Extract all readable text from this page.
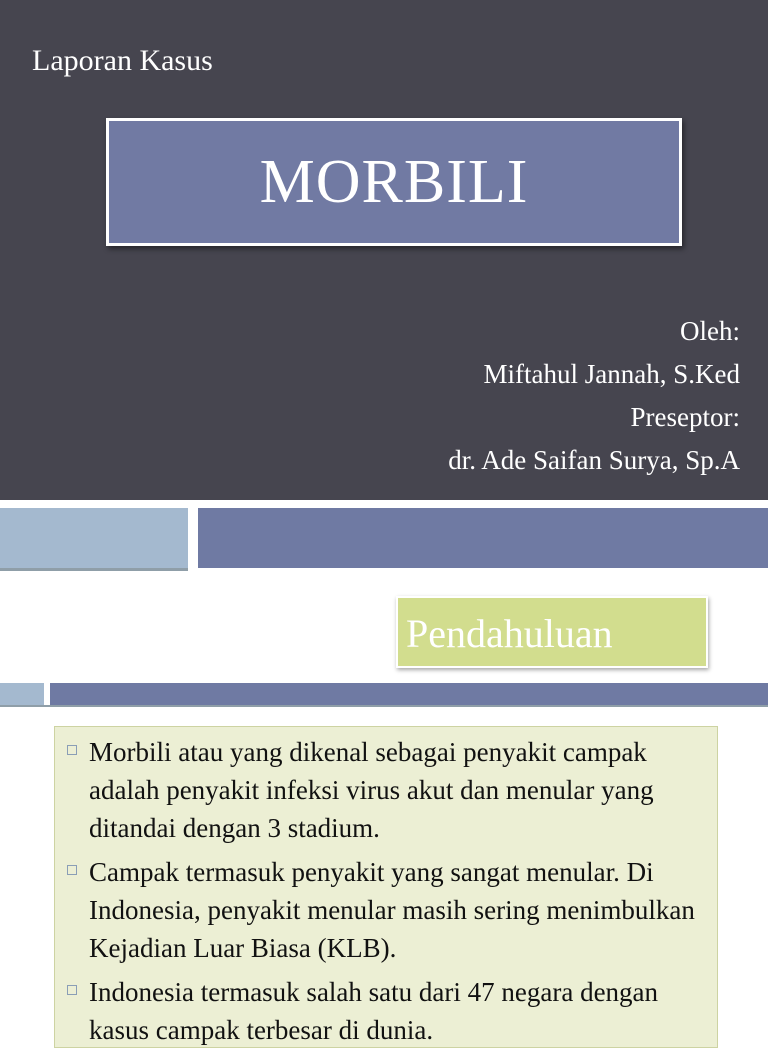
Laporan Kasus
MORBILI
Oleh:
Miftahul Jannah, S.Ked
Preseptor:
dr. Ade Saifan Surya, Sp.A
Pendahuluan
Morbili atau yang dikenal sebagai penyakit campak adalah penyakit infeksi virus akut dan menular yang ditandai dengan 3 stadium.
Campak termasuk penyakit yang sangat menular. Di Indonesia, penyakit menular masih sering menimbulkan Kejadian Luar Biasa (KLB).
Indonesia termasuk salah satu dari 47 negara dengan kasus campak terbesar di dunia.
